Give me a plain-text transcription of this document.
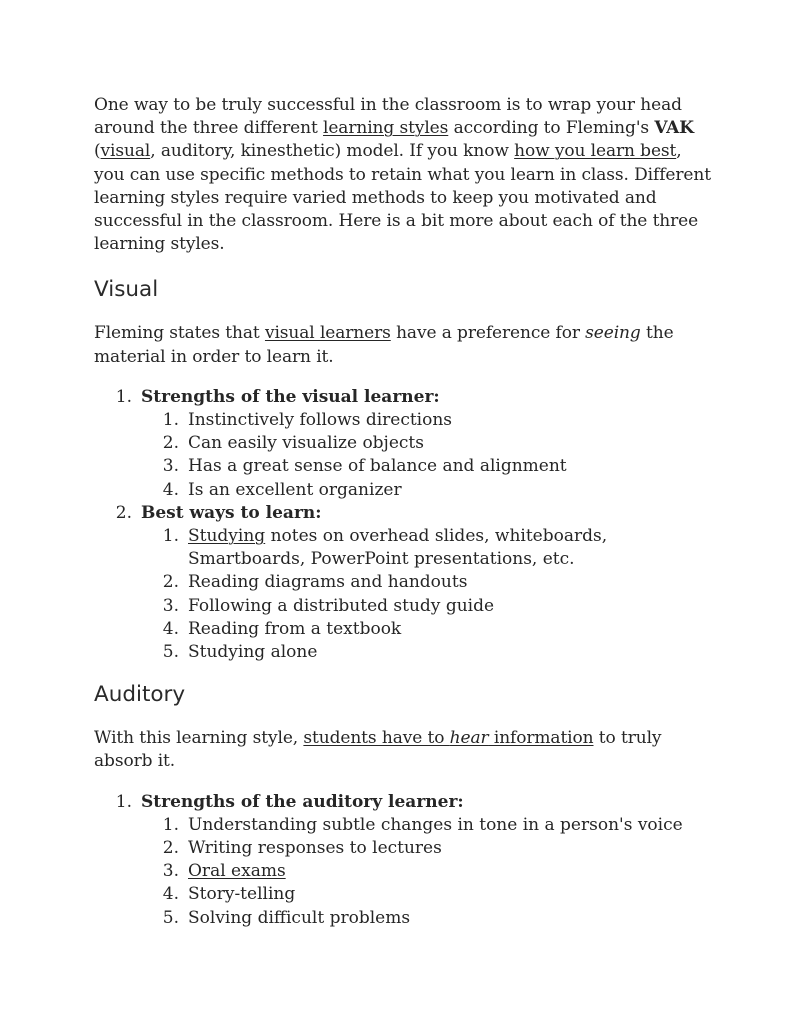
One way to be truly successful in the classroom is to wrap your head around the three different learning styles according to Fleming's VAK (visual, auditory, kinesthetic) model. If you know how you learn best, you can use specific methods to retain what you learn in class. Different learning styles require varied methods to keep you motivated and successful in the classroom. Here is a bit more about each of the three learning styles.

Visual

Fleming states that visual learners have a preference for seeing the material in order to learn it.

1. Strengths of the visual learner:
1. Instinctively follows directions
2. Can easily visualize objects
3. Has a great sense of balance and alignment
4. Is an excellent organizer
2. Best ways to learn:
1. Studying notes on overhead slides, whiteboards, Smartboards, PowerPoint presentations, etc.
2. Reading diagrams and handouts
3. Following a distributed study guide
4. Reading from a textbook
5. Studying alone
Auditory

With this learning style, students have to hear information to truly absorb it.

1. Strengths of the auditory learner:
1. Understanding subtle changes in tone in a person's voice
2. Writing responses to lectures
3. Oral exams
4. Story-telling
5. Solving difficult problems
